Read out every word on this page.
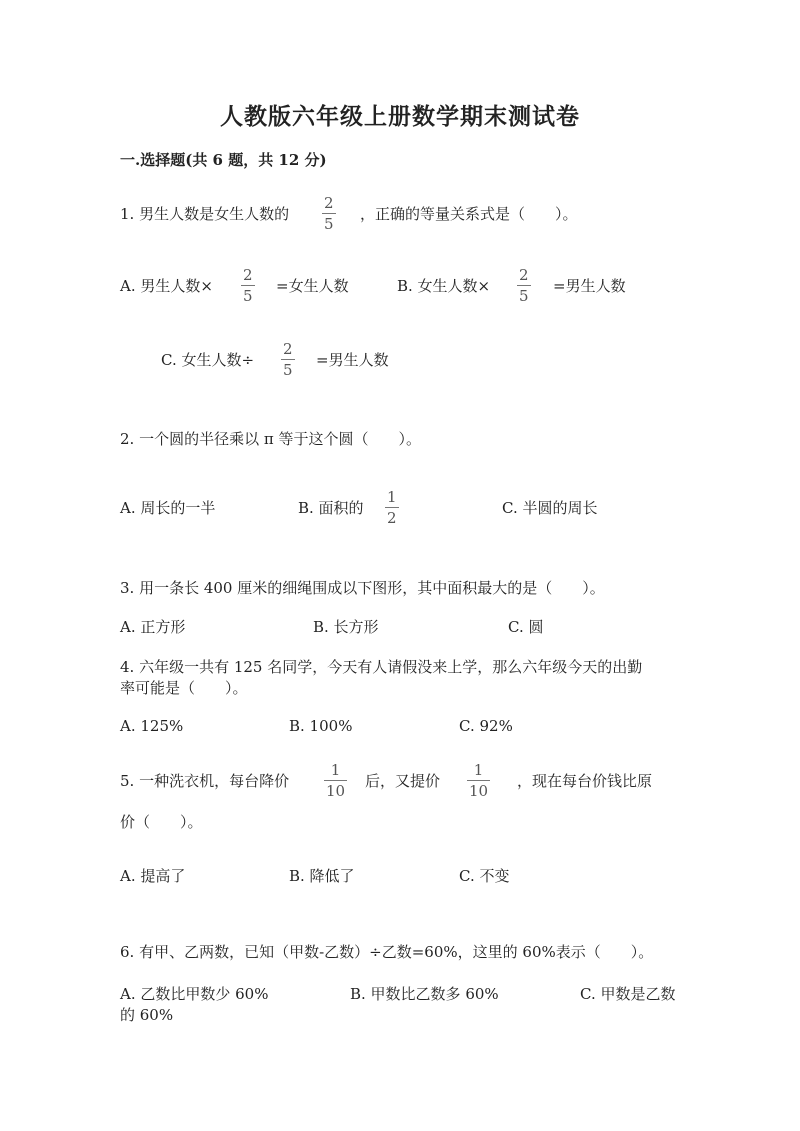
人教版六年级上册数学期末测试卷
一.选择题(共 6 题，共 12 分)
1. 男生人数是女生人数的
2
5
，正确的等量关系式是（　　）。
A. 男生人数×
2
5
=女生人数	B. 女生人数×
2
5
=男生人数
C. 女生人数÷
2
5
=男生人数
2. 一个圆的半径乘以 π 等于这个圆（　　）。
A. 周长的一半	B. 面积的
1
2
C. 半圆的周长
3. 用一条长 400 厘米的细绳围成以下图形，其中面积最大的是（　　）。
A. 正方形	B. 长方形	C. 圆
4. 六年级一共有 125 名同学，今天有人请假没来上学，那么六年级今天的出勤
率可能是（　　）。
A. 125%	B. 100%	C. 92%
5. 一种洗衣机，每台降价
1
10
后，又提价
1
10
，现在每台价钱比原
价（　　）。
A. 提高了	B. 降低了	C. 不变
6. 有甲、乙两数，已知（甲数-乙数）÷乙数=60%，这里的 60%表示（　　）。
A. 乙数比甲数少 60%	B. 甲数比乙数多 60%	C. 甲数是乙数
的 60%
